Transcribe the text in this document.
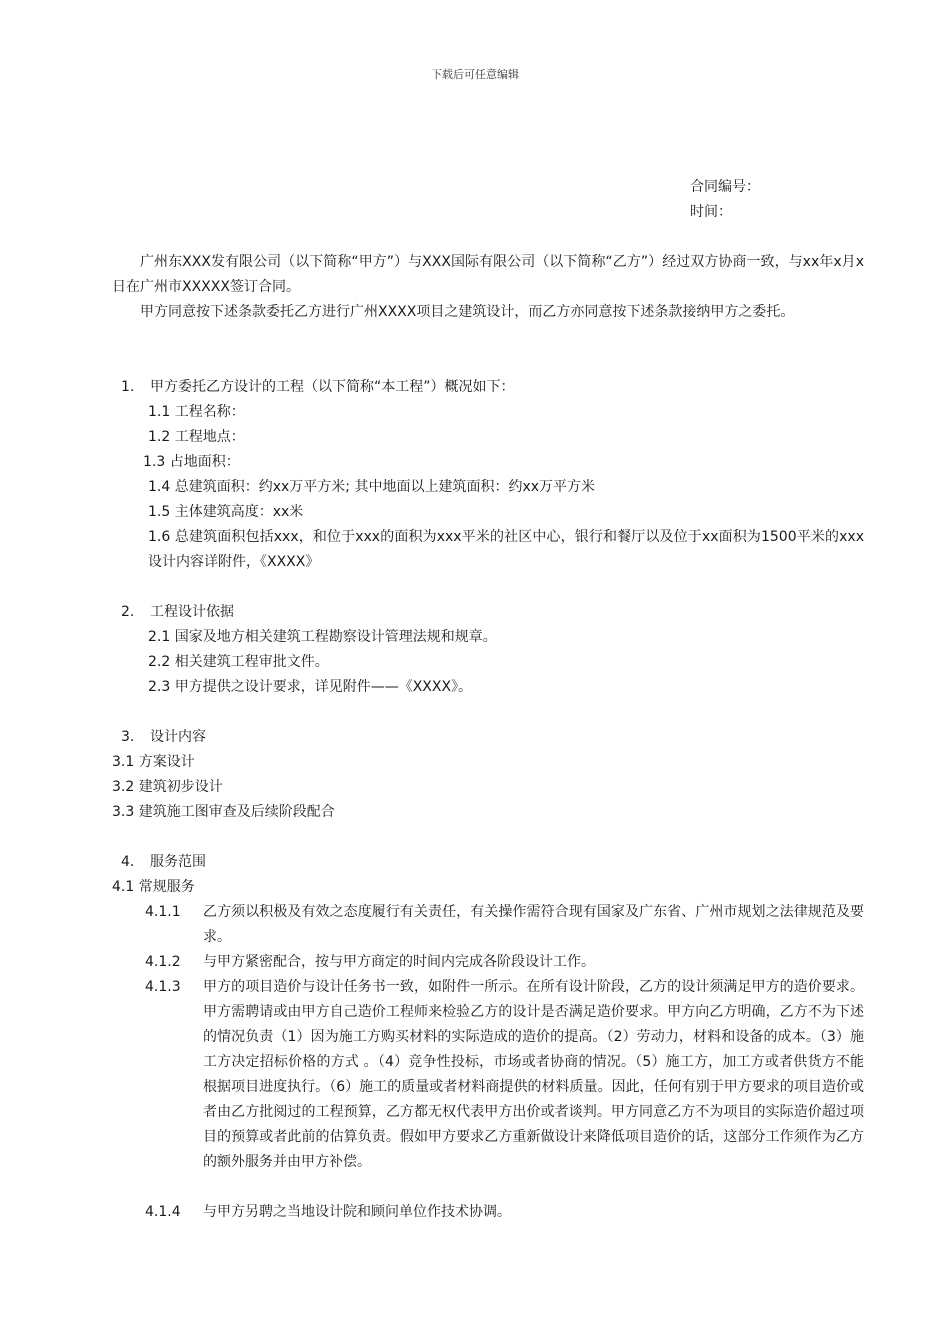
下载后可任意编辑
合同编号：
时间：
广州东XXX发有限公司（以下简称“甲方”）与XXX国际有限公司（以下简称“乙方”）经过双方协商一致，与xx年x月x日在广州市XXXXX签订合同。
甲方同意按下述条款委托乙方进行广州XXXX项目之建筑设计，而乙方亦同意按下述条款接纳甲方之委托。
1. 甲方委托乙方设计的工程（以下简称“本工程”）概况如下：
1.1 工程名称：
1.2 工程地点：
1.3 占地面积：
1.4 总建筑面积：约xx万平方米; 其中地面以上建筑面积：约xx万平方米
1.5 主体建筑高度：xx米
1.6 总建筑面积包括xxx，和位于xxx的面积为xxx平米的社区中心，银行和餐厅以及位于xx面积为1500平米的xxx设计内容详附件，《XXXX》
2. 工程设计依据
2.1 国家及地方相关建筑工程勘察设计管理法规和规章。
2.2 相关建筑工程审批文件。
2.3 甲方提供之设计要求，详见附件——《XXXX》。
3. 设计内容
3.1 方案设计
3.2 建筑初步设计
3.3 建筑施工图审查及后续阶段配合
4. 服务范围
4.1 常规服务
4.1.1 乙方须以积极及有效之态度履行有关责任，有关操作需符合现有国家及广东省、广州市规划之法律规范及要求。
4.1.2 与甲方紧密配合，按与甲方商定的时间内完成各阶段设计工作。
4.1.3 甲方的项目造价与设计任务书一致，如附件一所示。在所有设计阶段，乙方的设计须满足甲方的造价要求。甲方需聘请或由甲方自己造价工程师来检验乙方的设计是否满足造价要求。甲方向乙方明确，乙方不为下述的情况负责（1）因为施工方购买材料的实际造成的造价的提高。（2）劳动力，材料和设备的成本。（3）施工方决定招标价格的方式 。（4）竞争性投标，市场或者协商的情况。（5）施工方，加工方或者供货方不能根据项目进度执行。（6）施工的质量或者材料商提供的材料质量。因此，任何有别于甲方要求的项目造价或者由乙方批阅过的工程预算，乙方都无权代表甲方出价或者谈判。甲方同意乙方不为项目的实际造价超过项目的预算或者此前的估算负责。假如甲方要求乙方重新做设计来降低项目造价的话，这部分工作须作为乙方的额外服务并由甲方补偿。
4.1.4 与甲方另聘之当地设计院和顾问单位作技术协调。
